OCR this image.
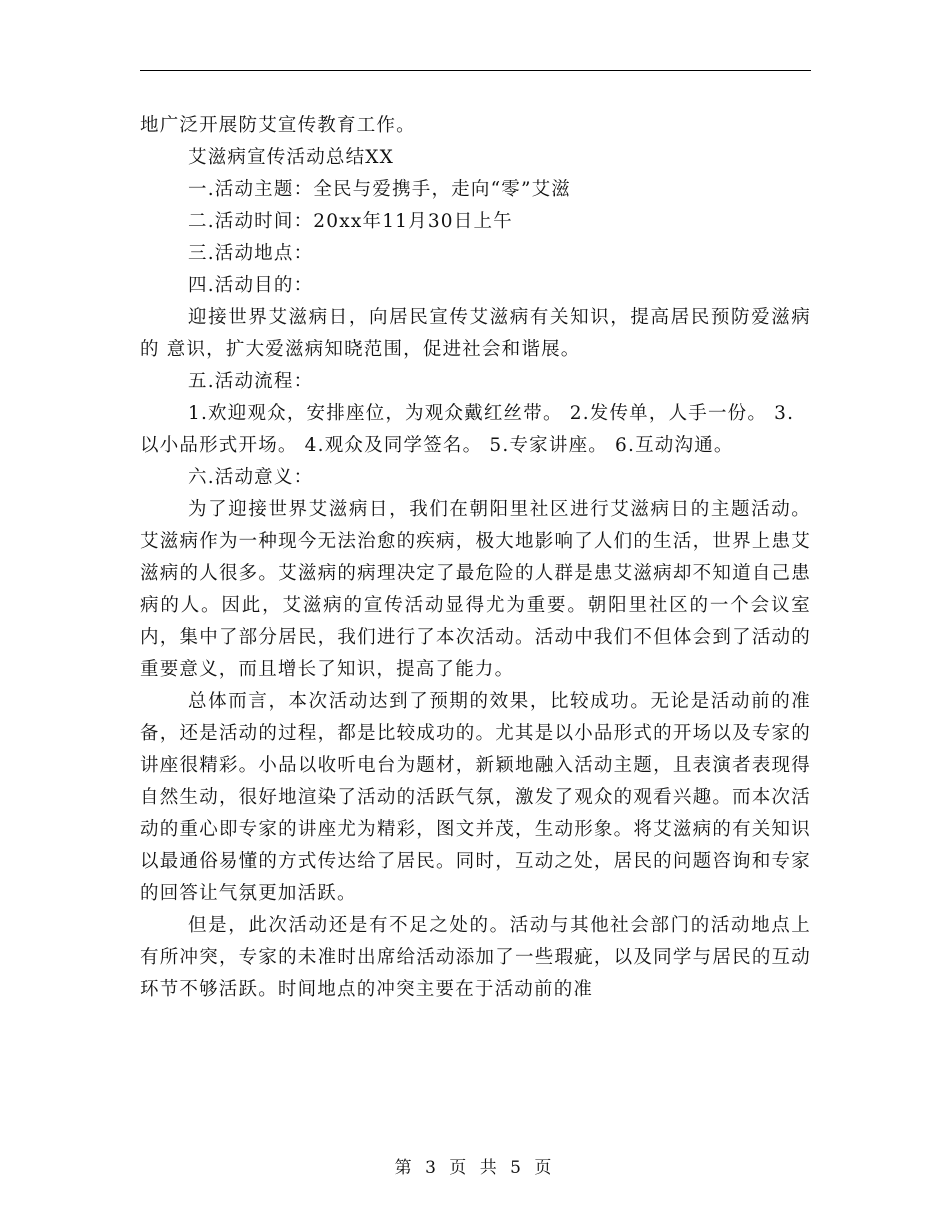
地广泛开展防艾宣传教育工作。

艾滋病宣传活动总结XX

一.活动主题：全民与爱携手，走向“零”艾滋

二.活动时间：20xx年11月30日上午

三.活动地点：

四.活动目的：

迎接世界艾滋病日，向居民宣传艾滋病有关知识，提高居民预防爱滋病的 意识，扩大爱滋病知晓范围，促进社会和谐展。

五.活动流程：

1.欢迎观众，安排座位，为观众戴红丝带。 2.发传单，人手一份。 3.以小品形式开场。 4.观众及同学签名。 5.专家讲座。 6.互动沟通。

六.活动意义：

为了迎接世界艾滋病日，我们在朝阳里社区进行艾滋病日的主题活动。艾滋病作为一种现今无法治愈的疾病，极大地影响了人们的生活，世界上患艾滋病的人很多。艾滋病的病理决定了最危险的人群是患艾滋病却不知道自己患病的人。因此，艾滋病的宣传活动显得尤为重要。朝阳里社区的一个会议室内，集中了部分居民，我们进行了本次活动。活动中我们不但体会到了活动的重要意义，而且增长了知识，提高了能力。

总体而言，本次活动达到了预期的效果，比较成功。无论是活动前的准备，还是活动的过程，都是比较成功的。尤其是以小品形式的开场以及专家的讲座很精彩。小品以收听电台为题材，新颖地融入活动主题，且表演者表现得自然生动，很好地渲染了活动的活跃气氛，激发了观众的观看兴趣。而本次活动的重心即专家的讲座尤为精彩，图文并茂，生动形象。将艾滋病的有关知识以最通俗易懂的方式传达给了居民。同时，互动之处，居民的问题咨询和专家的回答让气氛更加活跃。

但是，此次活动还是有不足之处的。活动与其他社会部门的活动地点上有所冲突，专家的未准时出席给活动添加了一些瑕疵，以及同学与居民的互动环节不够活跃。时间地点的冲突主要在于活动前的准

第 3 页 共 5 页
